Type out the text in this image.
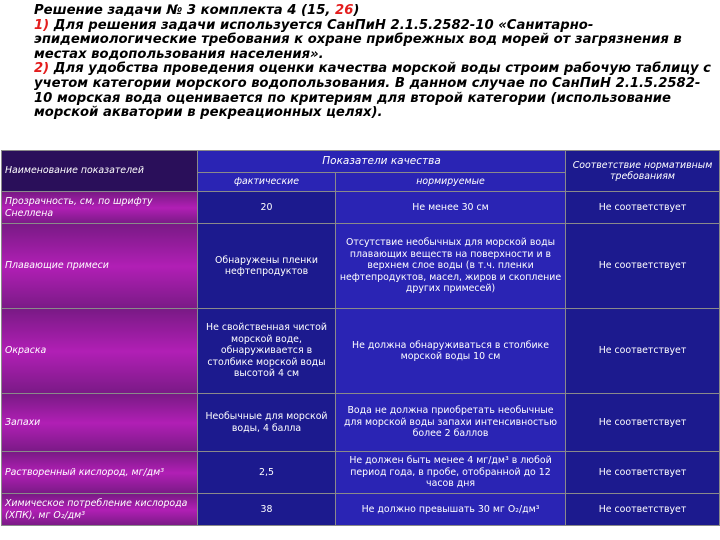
Решение задачи № 3 комплекта 4 (15, 26)

1) Для решения задачи используется СанПиН 2.1.5.2582-10 «Санитарно-эпидемиологические требования к охране прибрежных вод морей от загрязнения в местах водопользования населения».

2) Для удобства проведения оценки качества морской воды строим рабочую таблицу с учетом категории морского водопользования. В данном случае по СанПиН 2.1.5.2582-10 морская вода оценивается по критериям для второй категории (использование морской акватории в рекреационных целях).

Наименование показателей	Показатели качества		Соответствие нормативным требованиям
	фактические	нормируемые	
Прозрачность, см, по шрифту Снеллена	20	Не менее 30 см	Не соответствует
Плавающие примеси	Обнаружены пленки нефтепродуктов	Отсутствие необычных для морской воды плавающих веществ на поверхности и в верхнем слое воды (в т.ч. пленки нефтепродуктов, масел, жиров и скопление других примесей)	Не соответствует
Окраска	Не свойственная чистой морской воде, обнаруживается в столбике морской воды высотой 4 см	Не должна обнаруживаться в столбике морской воды 10 см	Не соответствует
Запахи	Необычные для морской воды, 4 балла	Вода не должна приобретать необычные для морской воды запахи интенсивностью более 2 баллов	Не соответствует
Растворенный кислород, мг/дм³	2,5	Не должен быть менее 4 мг/дм³ в любой период года, в пробе, отобранной до 12 часов дня	Не соответствует
Химическое потребление кислорода (ХПК), мг О₂/дм³	38	Не должно превышать 30 мг О₂/дм³	Не соответствует
